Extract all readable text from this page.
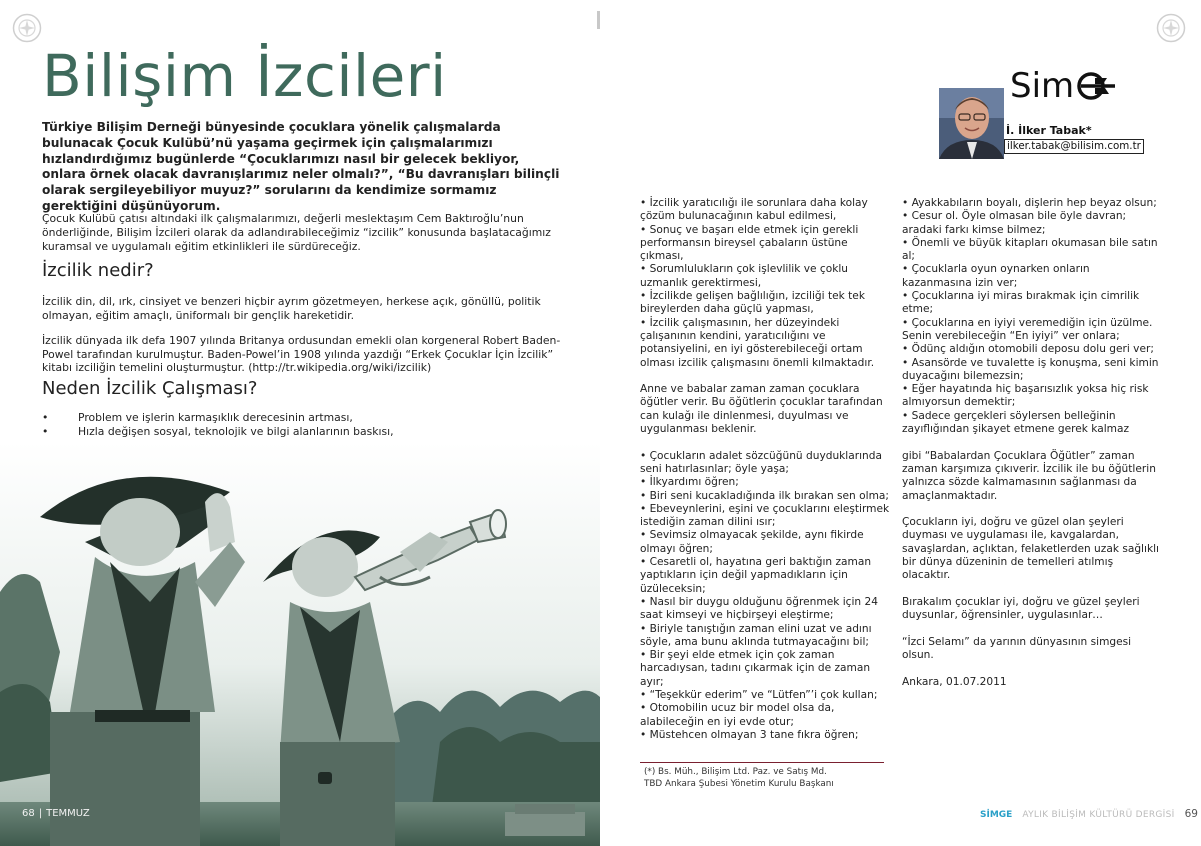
Bilişim İzcileri

Türkiye Bilişim Derneği bünyesinde çocuklara yönelik çalışmalarda bulunacak Çocuk Kulübü’nü yaşama geçirmek için çalışmalarımızı hızlandırdığımız bugünlerde “Çocuklarımızı nasıl bir gelecek bekliyor, onlara örnek olacak davranışlarımız neler olmalı?”, “Bu davranışları bilinçli olarak sergileyebiliyor muyuz?” sorularını da kendimize sormamız gerektiğini düşünüyorum.

Çocuk Kulübü çatısı altındaki ilk çalışmalarımızı, değerli meslektaşım Cem Baktıroğlu’nun önderliğinde, Bilişim İzcileri olarak da adlandırabileceğimiz “izcilik” konusunda başlatacağımız kuramsal ve uygulamalı eğitim etkinlikleri ile sürdüreceğiz.

İzcilik nedir?

İzcilik din, dil, ırk, cinsiyet ve benzeri hiçbir ayrım gözetmeyen, herkese açık, gönüllü, politik olmayan, eğitim amaçlı, üniformalı bir gençlik hareketidir.

İzcilik dünyada ilk defa 1907 yılında Britanya ordusundan emekli olan korgeneral Robert Baden-Powel tarafından kurulmuştur. Baden-Powel’in 1908 yılında yazdığı “Erkek Çocuklar İçin İzcilik” kitabı izciliğin temelini oluşturmuştur. (http://tr.wikipedia.org/wiki/izcilik)

Neden İzcilik Çalışması?
•	Problem ve işlerin karmaşıklık derecesinin artması,
•	Hızla değişen sosyal, teknolojik ve bilgi alanlarının baskısı,
68 | TEMMUZ
Sim
İ. İlker Tabak*
ilker.tabak@bilisim.com.tr

• İzcilik yaratıcılığı ile sorunlara daha kolay çözüm bulunacağının kabul edilmesi,

• Sonuç ve başarı elde etmek için gerekli performansın bireysel çabaların üstüne çıkması,

• Sorumlulukların çok işlevlilik ve çoklu uzmanlık gerektirmesi,

• İzcilikde gelişen bağlılığın, izciliği tek tek bireylerden daha güçlü yapması,

• İzcilik çalışmasının, her düzeyindeki çalışanının kendini, yaratıcılığını ve potansiyelini, en iyi gösterebileceği ortam olması izcilik çalışmasını önemli kılmaktadır.

Anne ve babalar zaman zaman çocuklara öğütler verir. Bu öğütlerin çocuklar tarafından can kulağı ile dinlenmesi, duyulması ve uygulanması beklenir.

• Çocukların adalet sözcüğünü duyduklarında seni hatırlasınlar; öyle yaşa;

• İlkyardımı öğren;

• Biri seni kucakladığında ilk bırakan sen olma;

• Ebeveynlerini, eşini ve çocuklarını eleştirmek istediğin zaman dilini ısır;

• Sevimsiz olmayacak şekilde, aynı fikirde olmayı öğren;

• Cesaretli ol, hayatına geri baktığın zaman yaptıkların için değil yapmadıkların için üzüleceksin;

• Nasıl bir duygu olduğunu öğrenmek için 24 saat kimseyi ve hiçbirşeyi eleştirme;

• Biriyle tanıştığın zaman elini uzat ve adını söyle, ama bunu aklında tutmayacağını bil;

• Bir şeyi elde etmek için çok zaman harcadıysan, tadını çıkarmak için de zaman ayır;

• “Teşekkür ederim” ve “Lütfen”’i çok kullan;

• Otomobilin ucuz bir model olsa da, alabileceğin en iyi evde otur;

• Müstehcen olmayan 3 tane fıkra öğren;

• Ayakkabıların boyalı, dişlerin hep beyaz olsun;

• Cesur ol. Öyle olmasan bile öyle davran; aradaki farkı kimse bilmez;

• Önemli ve büyük kitapları okumasan bile satın al;

• Çocuklarla oyun oynarken onların kazanmasına izin ver;

• Çocuklarına iyi miras bırakmak için cimrilik etme;

• Çocuklarına en iyiyi veremediğin için üzülme. Senin verebileceğin “En iyiyi” ver onlara;

• Ödünç aldığın otomobili deposu dolu geri ver;

• Asansörde ve tuvalette iş konuşma, seni kimin duyacağını bilemezsin;

• Eğer hayatında hiç başarısızlık yoksa hiç risk almıyorsun demektir;

• Sadece gerçekleri söylersen belleğinin zayıflığından şikayet etmene gerek kalmaz

gibi “Babalardan Çocuklara Öğütler” zaman zaman karşımıza çıkıverir. İzcilik ile bu öğütlerin yalnızca sözde kalmamasının sağlanması da amaçlanmaktadır.

Çocukların iyi, doğru ve güzel olan şeyleri duyması ve uygulaması ile, kavgalardan, savaşlardan, açlıktan, felaketlerden uzak sağlıklı bir dünya düzeninin de temelleri atılmış olacaktır.

Bırakalım çocuklar iyi, doğru ve güzel şeyleri duysunlar, öğrensinler, uygulasınlar…

“İzci Selamı” da yarının dünyasının simgesi olsun.

Ankara, 01.07.2011

(*) Bs. Müh., Bilişim Ltd. Paz. ve Satış Md.
TBD Ankara Şubesi Yönetim Kurulu Başkanı
SİMGE AYLIK BİLİŞİM KÜLTÜRÜ DERGİSİ 69
